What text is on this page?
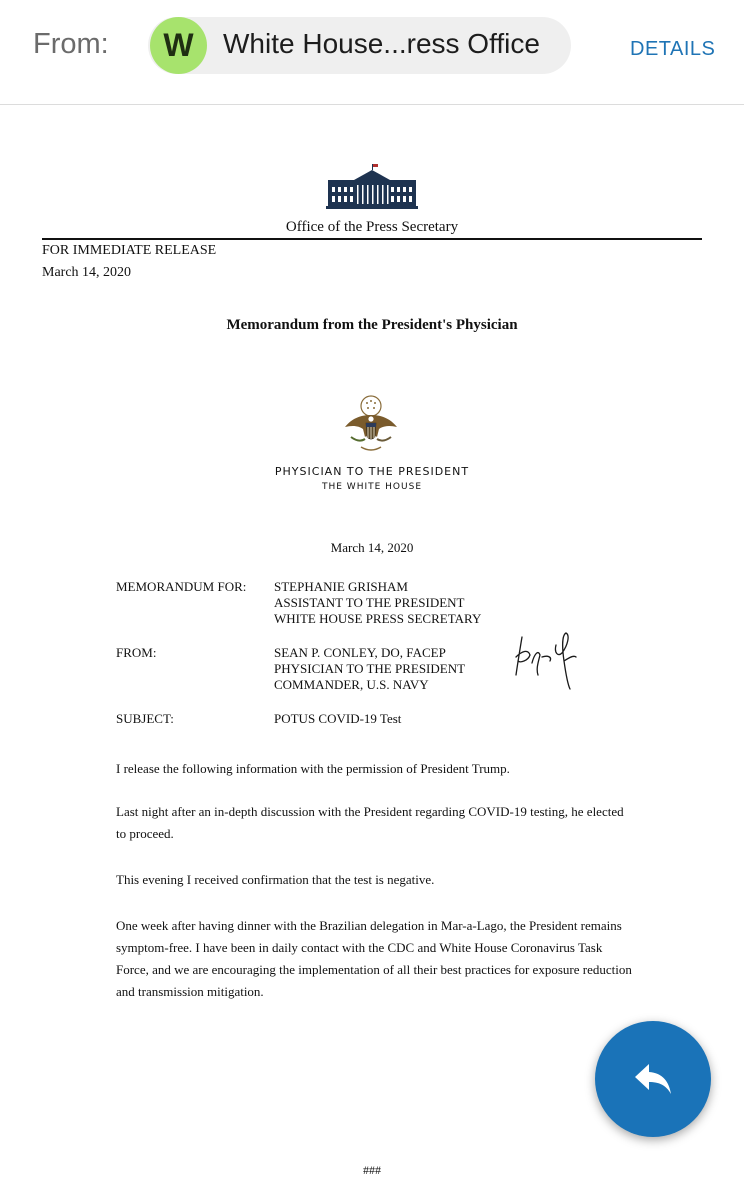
From:	W	White House...ress Office	DETAILS
Office of the Press Secretary
FOR IMMEDIATE RELEASE
March 14, 2020
Memorandum from the President's Physician
PHYSICIAN TO THE PRESIDENT
THE WHITE HOUSE
March 14, 2020
MEMORANDUM FOR: STEPHANIE GRISHAM
ASSISTANT TO THE PRESIDENT
WHITE HOUSE PRESS SECRETARY
FROM:	SEAN P. CONLEY, DO, FACEP
PHYSICIAN TO THE PRESIDENT
COMMANDER, U.S. NAVY
SUBJECT:	POTUS COVID-19 Test
I release the following information with the permission of President Trump.
Last night after an in-depth discussion with the President regarding COVID-19 testing, he elected to proceed.
This evening I received confirmation that the test is negative.
One week after having dinner with the Brazilian delegation in Mar-a-Lago, the President remains symptom-free. I have been in daily contact with the CDC and White House Coronavirus Task Force, and we are encouraging the implementation of all their best practices for exposure reduction and transmission mitigation.
###
